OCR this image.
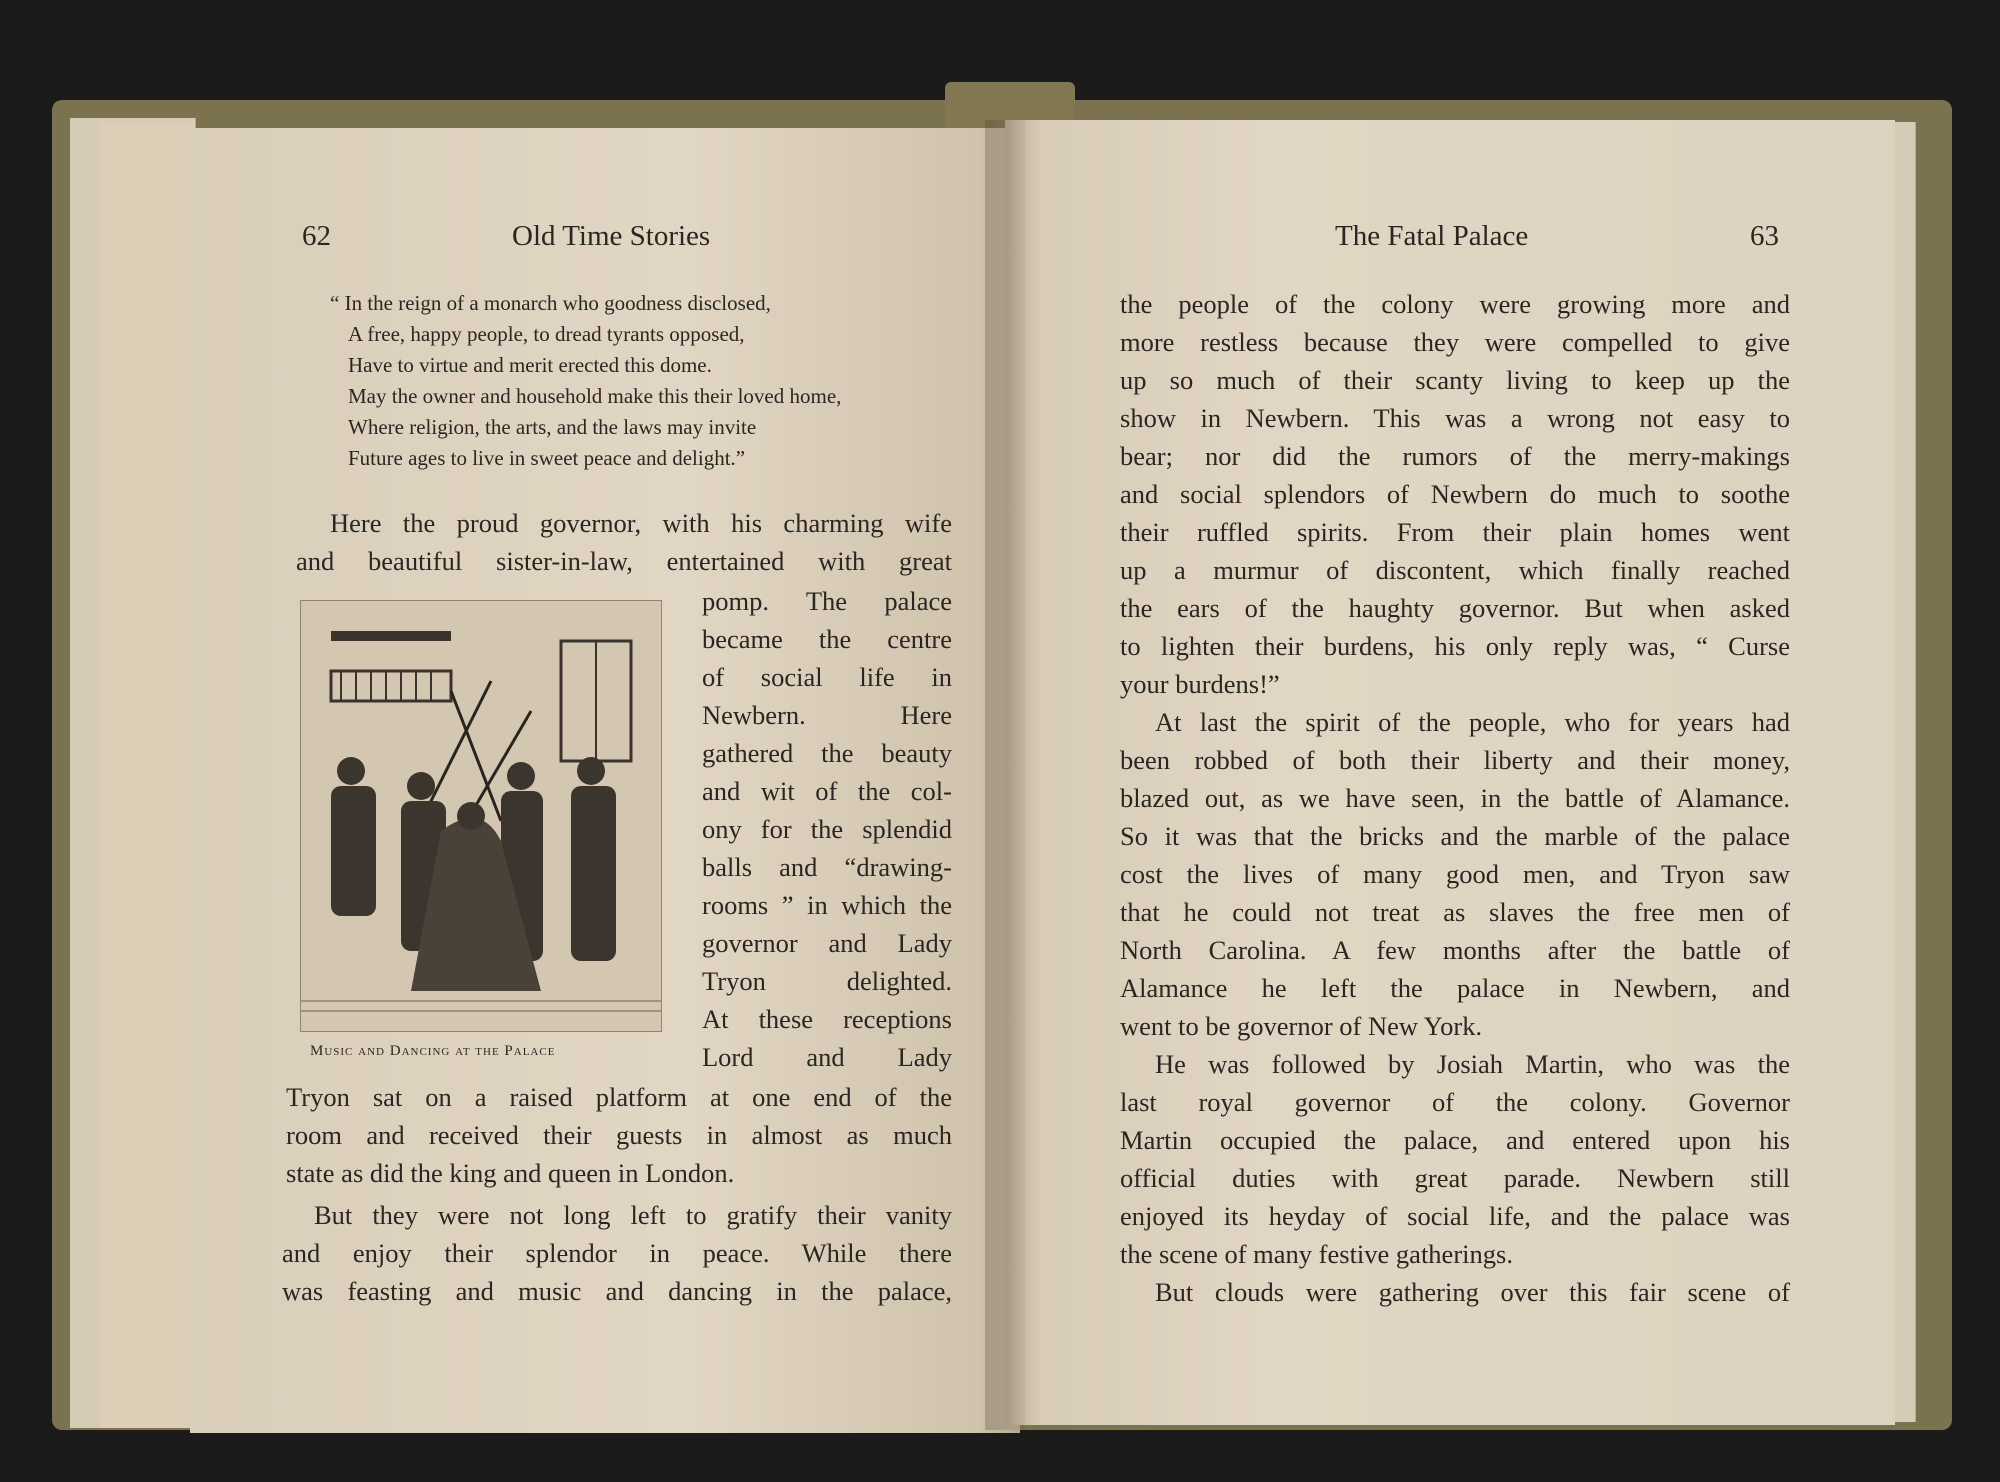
62	Old Time Stories
“ In the reign of a monarch who goodness disclosed,
A free, happy people, to dread tyrants opposed,
Have to virtue and merit erected this dome.
May the owner and household make this their loved home,
Where religion, the arts, and the laws may invite
Future ages to live in sweet peace and delight.”
Here the proud governor, with his charming wife
and beautiful sister-in-law, entertained with great
pomp. The palace
became the centre
of social life in
Newbern. Here
gathered the beauty
and wit of the col-
ony for the splendid
balls and “drawing-
rooms ” in which the
governor and Lady
Tryon delighted.
At these receptions
Lord and Lady
Tryon sat on a raised platform at one end of the
room and received their guests in almost as much
state as did the king and queen in London.
But they were not long left to gratify their vanity
and enjoy their splendor in peace. While there
was feasting and music and dancing in the palace,
Music and Dancing at the Palace
The Fatal Palace	63
the people of the colony were growing more and
more restless because they were compelled to give
up so much of their scanty living to keep up the
show in Newbern. This was a wrong not easy to
bear; nor did the rumors of the merry-makings
and social splendors of Newbern do much to soothe
their ruffled spirits. From their plain homes went
up a murmur of discontent, which finally reached
the ears of the haughty governor. But when asked
to lighten their burdens, his only reply was, “ Curse
your burdens!”
At last the spirit of the people, who for years had
been robbed of both their liberty and their money,
blazed out, as we have seen, in the battle of Alamance.
So it was that the bricks and the marble of the palace
cost the lives of many good men, and Tryon saw
that he could not treat as slaves the free men of
North Carolina. A few months after the battle of
Alamance he left the palace in Newbern, and
went to be governor of New York.
He was followed by Josiah Martin, who was the
last royal governor of the colony. Governor
Martin occupied the palace, and entered upon his
official duties with great parade. Newbern still
enjoyed its heyday of social life, and the palace was
the scene of many festive gatherings.
But clouds were gathering over this fair scene of
